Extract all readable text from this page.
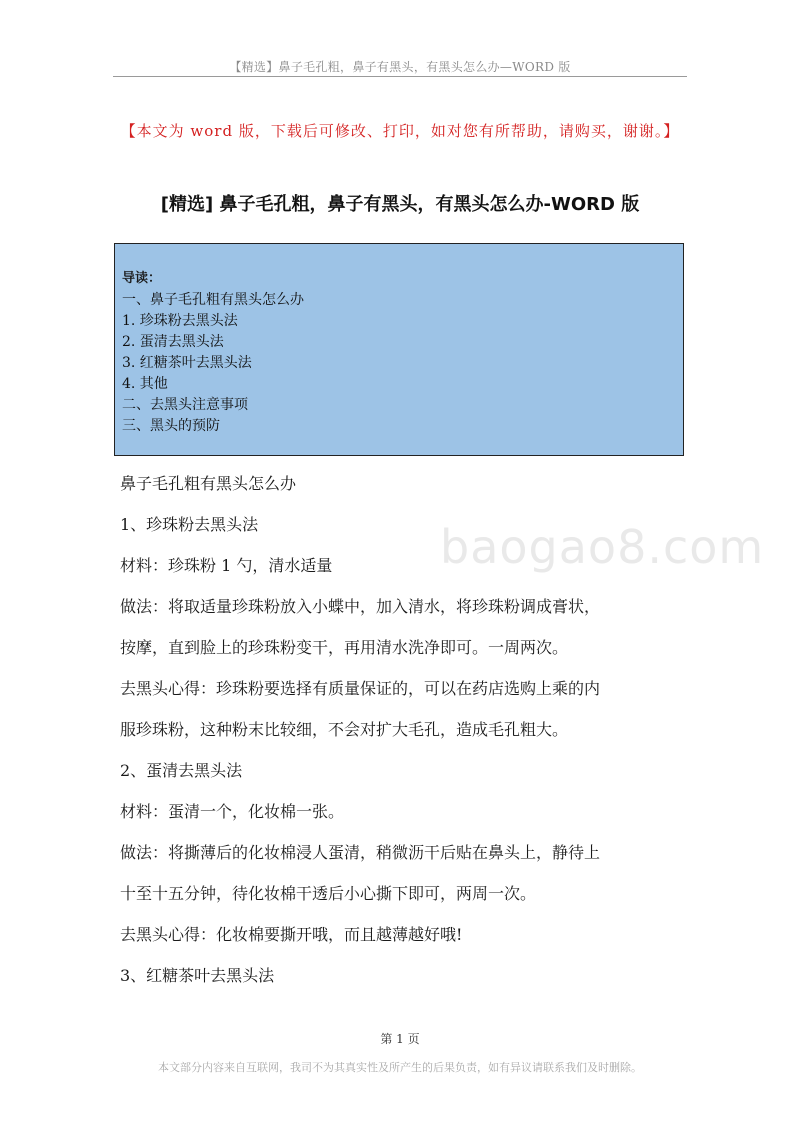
【精选】鼻子毛孔粗，鼻子有黑头，有黑头怎么办—WORD 版
【本文为 word 版，下载后可修改、打印，如对您有所帮助，请购买，谢谢。】
[精选] 鼻子毛孔粗，鼻子有黑头，有黑头怎么办-WORD 版
导读：
一、鼻子毛孔粗有黑头怎么办
1. 珍珠粉去黑头法
2. 蛋清去黑头法
3. 红糖茶叶去黑头法
4. 其他
二、去黑头注意事项
三、黑头的预防
baogao8.com

鼻子毛孔粗有黑头怎么办

1、珍珠粉去黑头法

材料：珍珠粉 1 勺，清水适量

做法：将取适量珍珠粉放入小蝶中，加入清水，将珍珠粉调成膏状，

按摩，直到脸上的珍珠粉变干，再用清水洗净即可。一周两次。

去黑头心得：珍珠粉要选择有质量保证的，可以在药店选购上乘的内

服珍珠粉，这种粉末比较细，不会对扩大毛孔，造成毛孔粗大。

2、蛋清去黑头法

材料：蛋清一个，化妆棉一张。

做法：将撕薄后的化妆棉浸人蛋清，稍微沥干后贴在鼻头上，静待上

十至十五分钟，待化妆棉干透后小心撕下即可，两周一次。

去黑头心得：化妆棉要撕开哦，而且越薄越好哦!

3、红糖茶叶去黑头法

第 1 页
本文部分内容来自互联网，我司不为其真实性及所产生的后果负责，如有异议请联系我们及时删除。
